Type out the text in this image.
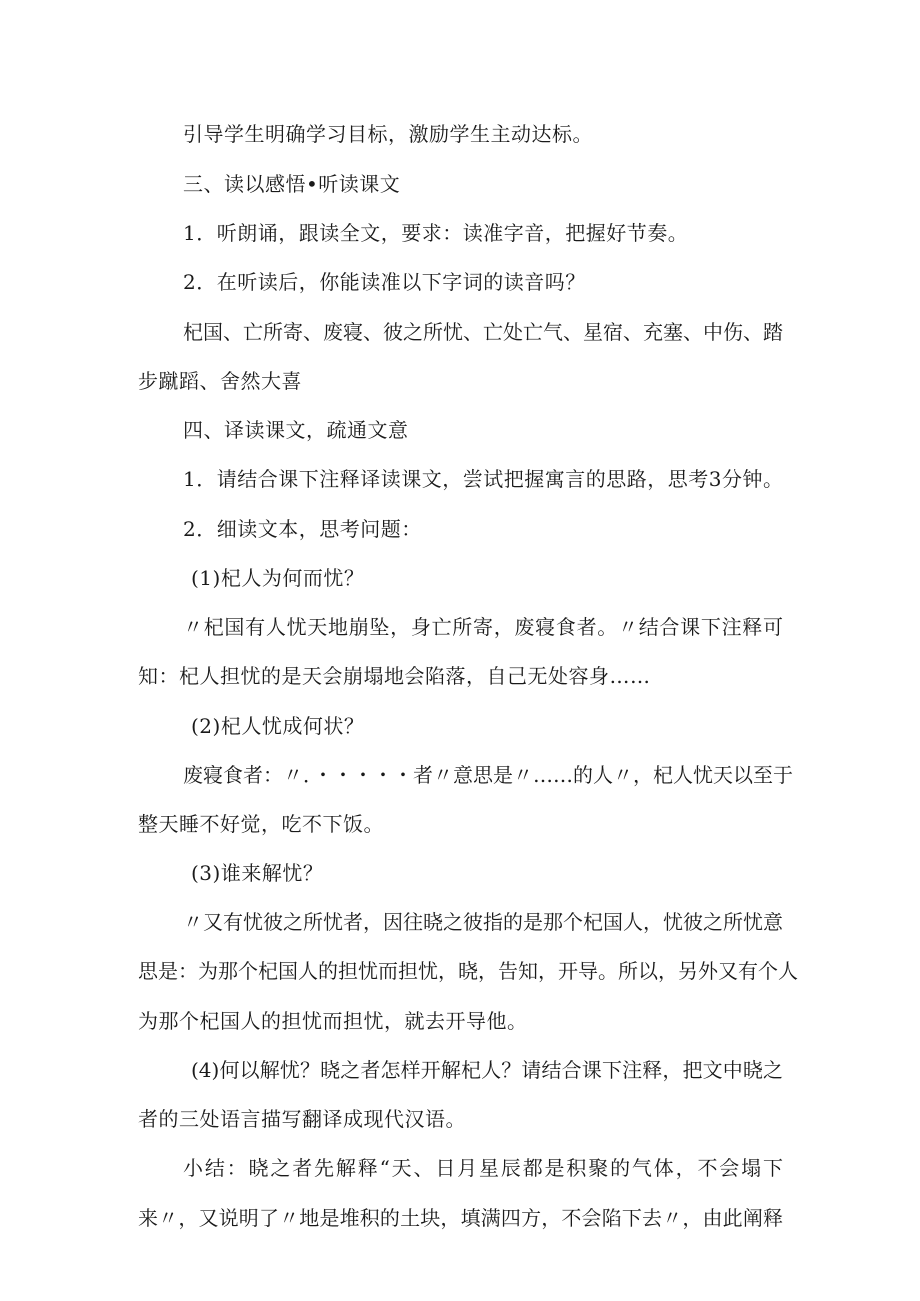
引导学生明确学习目标，激励学生主动达标。
三、读以感悟•听读课文
1．听朗诵，跟读全文，要求：读准字音，把握好节奏。
2．在听读后，你能读准以下字词的读音吗？
杞国、亡所寄、废寝、彼之所忧、亡处亡气、星宿、充塞、中伤、踏
步蹴蹈、舍然大喜
四、译读课文，疏通文意
1．请结合课下注释译读课文，尝试把握寓言的思路，思考3分钟。
2．细读文本，思考问题：
(1)杞人为何而忧？
〃杞国有人忧天地崩坠，身亡所寄，废寝食者。〃结合课下注释可
知：杞人担忧的是天会崩塌地会陷落，自己无处容身……
(2)杞人忧成何状？
废寝食者：〃．・・・・・者〃意思是〃……的人〃，杞人忧天以至于
整天睡不好觉，吃不下饭。
(3)谁来解忧？
〃又有忧彼之所忧者，因往晓之彼指的是那个杞国人，忧彼之所忧意
思是：为那个杞国人的担忧而担忧，晓，告知，开导。所以，另外又有个人
为那个杞国人的担忧而担忧，就去开导他。
(4)何以解忧？晓之者怎样开解杞人？请结合课下注释，把文中晓之
者的三处语言描写翻译成现代汉语。
小结：晓之者先解释“天、日月星辰都是积聚的气体，不会塌下
来〃，又说明了〃地是堆积的土块，填满四方，不会陷下去〃，由此阐释
